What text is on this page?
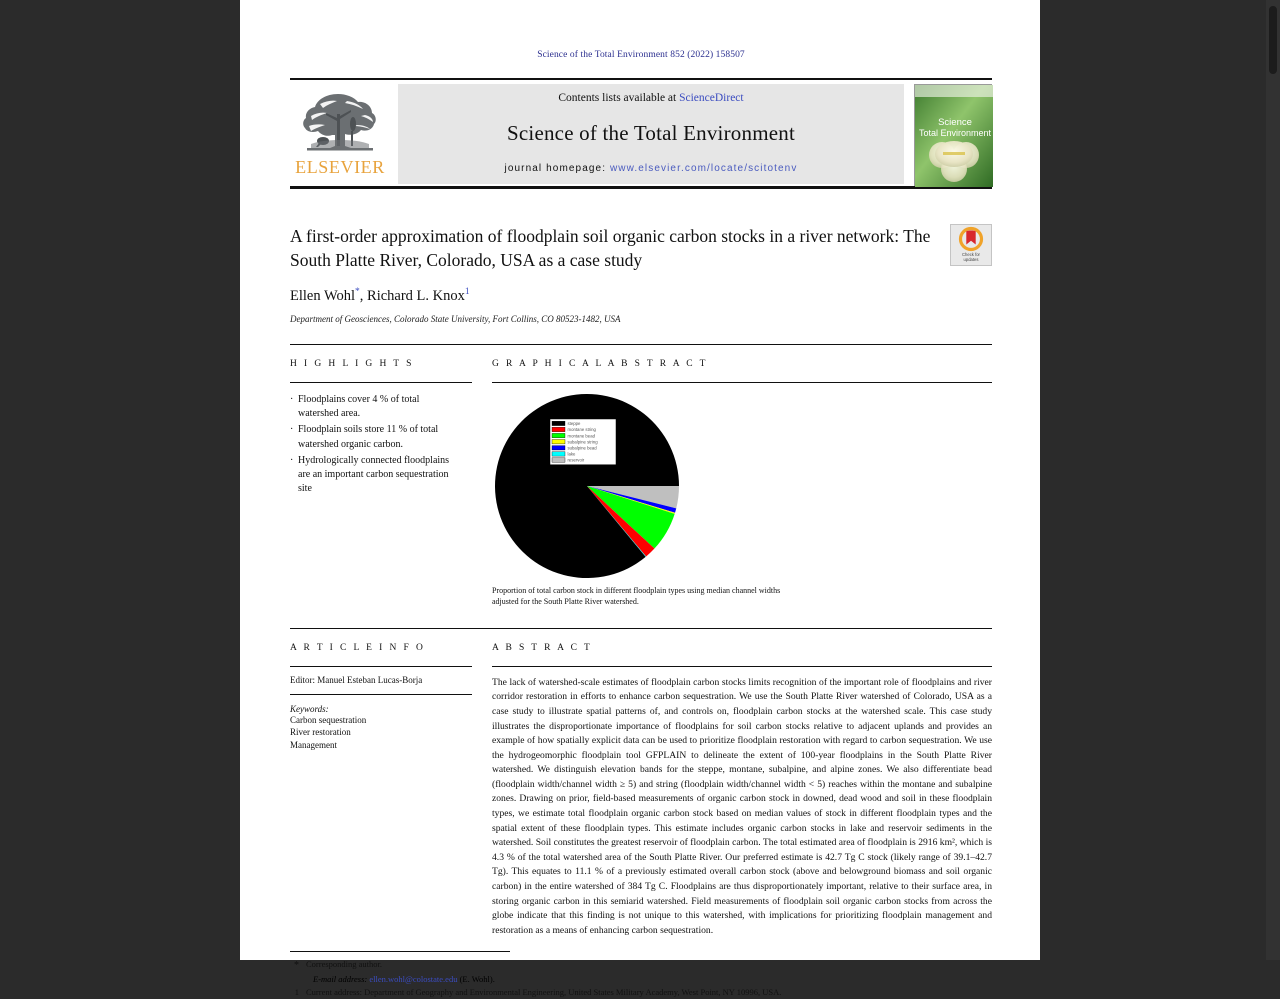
Science of the Total Environment 852 (2022) 158507
ELSEVIER
Contents lists available at ScienceDirect
Science of the Total Environment
journal homepage: www.elsevier.com/locate/scitotenv
Science
Total Environment
A first-order approximation of floodplain soil organic carbon stocks in a river network: The South Platte River, Colorado, USA as a case study
Ellen Wohl*, Richard L. Knox$^1$
Department of Geosciences, Colorado State University, Fort Collins, CO 80523-1482, USA
Check for
updates
H I G H L I G H T S
· Floodplains cover 4 % of total watershed area.
· Floodplain soils store 11 % of total watershed organic carbon.
· Hydrologically connected floodplains are an important carbon sequestration site
G R A P H I C A L A B S T R A C T
steppe
montane string
montane bead
subalpine string
subalpine bead
lake
reservoir
Proportion of total carbon stock in different floodplain types using median channel widths adjusted for the South Platte River watershed.
A R T I C L E I N F O
Editor: Manuel Esteban Lucas-Borja
Keywords:
Carbon sequestration
River restoration
Management
A B S T R A C T
The lack of watershed-scale estimates of floodplain carbon stocks limits recognition of the important role of floodplains and river corridor restoration in efforts to enhance carbon sequestration. We use the South Platte River watershed of Colorado, USA as a case study to illustrate spatial patterns of, and controls on, floodplain carbon stocks at the watershed scale. This case study illustrates the disproportionate importance of floodplains for soil carbon stocks relative to adjacent uplands and provides an example of how spatially explicit data can be used to prioritize floodplain restoration with regard to carbon sequestration. We use the hydrogeomorphic floodplain tool GFPLAIN to delineate the extent of 100-year floodplains in the South Platte River watershed. We distinguish elevation bands for the steppe, montane, subalpine, and alpine zones. We also differentiate bead (floodplain width/channel width ≥ 5) and string (floodplain width/channel width < 5) reaches within the montane and subalpine zones. Drawing on prior, field-based measurements of organic carbon stock in downed, dead wood and soil in these floodplain types, we estimate total floodplain organic carbon stock based on median values of stock in different floodplain types and the spatial extent of these floodplain types. This estimate includes organic carbon stocks in lake and reservoir sediments in the watershed. Soil constitutes the greatest reservoir of floodplain carbon. The total estimated area of floodplain is 2916 km², which is 4.3 % of the total watershed area of the South Platte River. Our preferred estimate is 42.7 Tg C stock (likely range of 39.1–42.7 Tg). This equates to 11.1 % of a previously estimated overall carbon stock (above and belowground biomass and soil organic carbon) in the entire watershed of 384 Tg C. Floodplains are thus disproportionately important, relative to their surface area, in storing organic carbon in this semiarid watershed. Field measurements of floodplain soil organic carbon stocks from across the globe indicate that this finding is not unique to this watershed, with implications for prioritizing floodplain management and restoration as a means of enhancing carbon sequestration.
* Corresponding author.
E-mail address: ellen.wohl@colostate.edu (E. Wohl).
1 Current address: Department of Geography and Environmental Engineering, United States Military Academy, West Point, NY 10996, USA.
